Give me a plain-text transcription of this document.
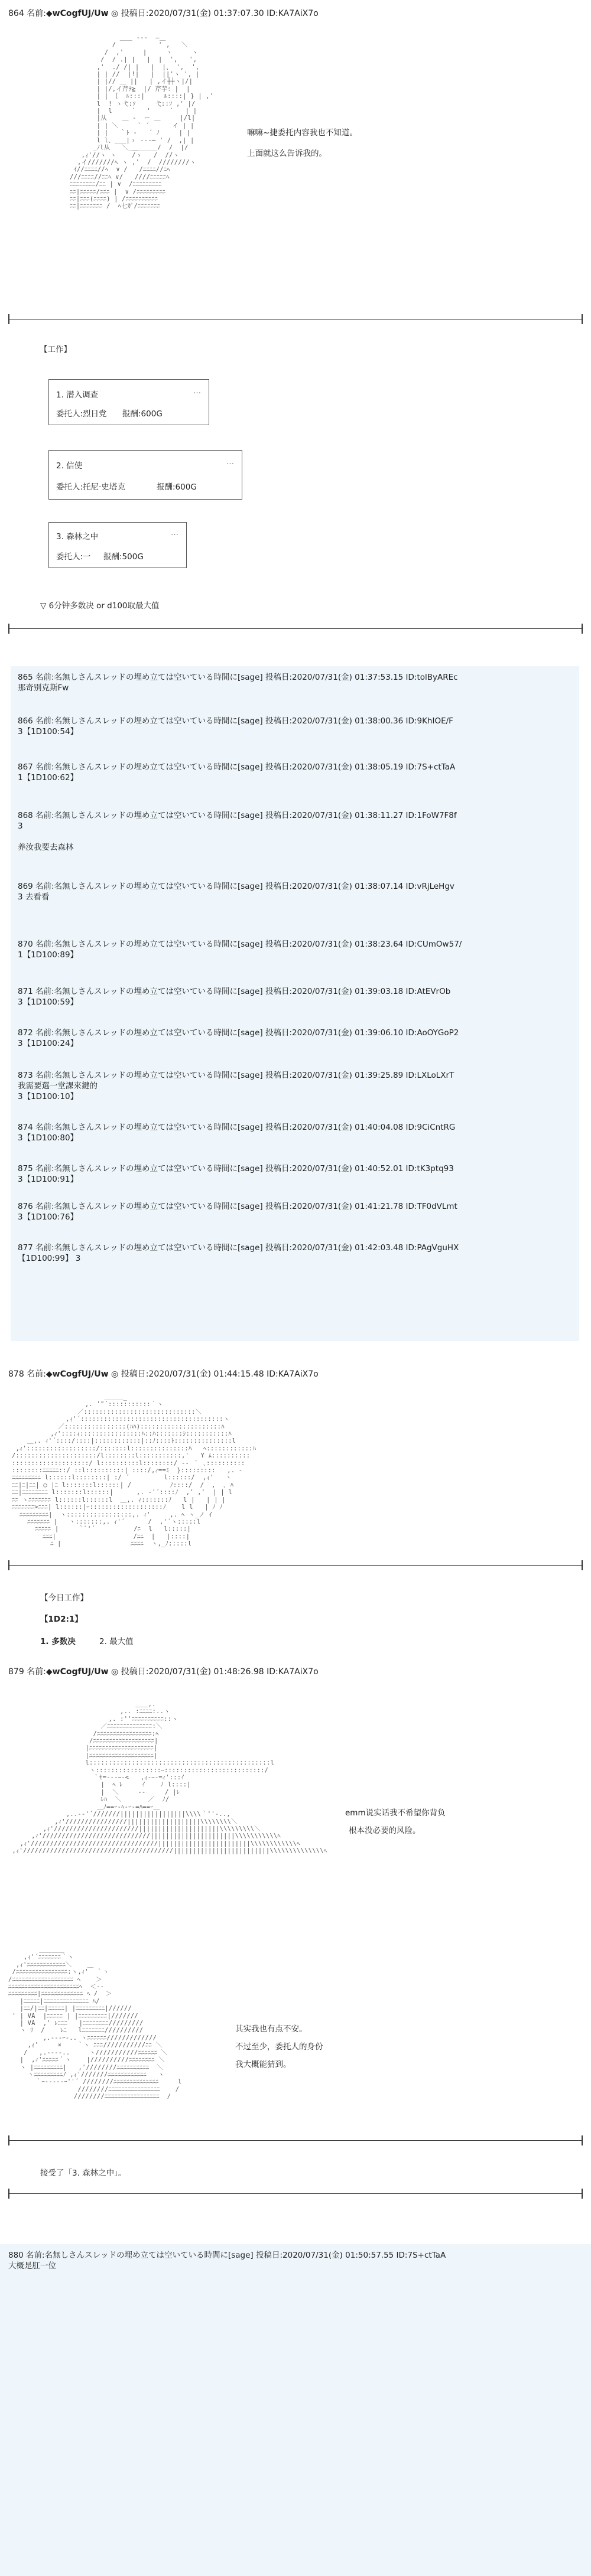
864 名前:◆wCogfUJ/Uw ◎ 投稿日:2020/07/31(金) 01:37:07.30 ID:KA7AiX7o
＿＿ ---  ―＿
/           ' ,   ＼
/  ,'     |     ヽ     ヽ
/  / .| |   |  |  ',   ',
,'  ./ /| |   |  |、 ',  ',
| | //  |!|   |  ||'ヽ ', |
| |// ＿ ||   | ,イ┼┼ヽ|/|
| |/,イ芹ﾃ≧  |/ 芹芋ﾐ |  |
| | ｛  ﾙ:::|     ﾙ::::| } | ,'
l  ! ヽ弋:ｿ     弋::ｿ ,' |/
|  l     ´   '     `   | |
|从    ＿ -  ー ＿     |/l|
| | ＼     ` ´      イ | |
| |   ｀ﾄ -   ´ ﾉ     | |
l l、___|ゝ ---─ ' /  ,| |
_ﾉl从   ＼_＿_____/  /  |/
,ｨ'//ヽ ヽ    /ゝ   /  //ヽ
,イ///////ﾍ ヽ ,'  /  ////////ヽ
ｲ//ﾆﾆﾆﾆ//ﾍ  ∨ /   /ﾆﾆﾆﾆ//ﾆﾍ
///ﾆﾆﾆﾆ//ﾆﾆﾍ ∨/   ////ﾆﾆﾆﾆﾆﾍ
ﾆﾆﾆﾆﾆﾆﾆﾆ/ﾆﾆ | ∨  /ﾆﾆﾆﾆﾆﾆﾆﾆﾆ
ﾆﾆ|ﾆﾆﾆﾆﾆ/ﾆﾆﾆ |  ∨ /ﾆﾆﾆﾆﾆﾆﾆﾆﾆ
ﾆﾆ|ﾆﾆﾆ(ﾆﾆﾆﾆ) | /ﾆﾆﾆﾆﾆﾆﾆﾆﾆﾆ
ﾆﾆ|ﾆﾆﾆﾆﾆﾆﾆ /  ﾍ七ｶﾞ/ﾆﾆﾆﾆﾆﾆﾆ
嘛嘛~捷委托内容我也不知道。
上面就这么告诉我的。
【工作】
1. 潜入调查	…
委托人:烈日党 报酬:600G
2. 信使	…
委托人:托尼·史塔克	报酬:600G
3. 森林之中	…
委托人:一 报酬:500G
▽ 6分钟多数决 or d100取最大值
865 名前:名無しさんスレッドの埋め立ては空いている時間に[sage] 投稿日:2020/07/31(金) 01:37:53.15 ID:tolByAREc
那奇别克斯Fw
866 名前:名無しさんスレッドの埋め立ては空いている時間に[sage] 投稿日:2020/07/31(金) 01:38:00.36 ID:9KhIOE/F
3【1D100:54】
867 名前:名無しさんスレッドの埋め立ては空いている時間に[sage] 投稿日:2020/07/31(金) 01:38:05.19 ID:7S+ctTaA
1【1D100:62】
868 名前:名無しさんスレッドの埋め立ては空いている時間に[sage] 投稿日:2020/07/31(金) 01:38:11.27 ID:1FoW7F8f
3
养汝我要去森林
869 名前:名無しさんスレッドの埋め立ては空いている時間に[sage] 投稿日:2020/07/31(金) 01:38:07.14 ID:vRjLeHgv
3 去看看
870 名前:名無しさんスレッドの埋め立ては空いている時間に[sage] 投稿日:2020/07/31(金) 01:38:23.64 ID:CUmOw57/
1【1D100:89】
871 名前:名無しさんスレッドの埋め立ては空いている時間に[sage] 投稿日:2020/07/31(金) 01:39:03.18 ID:AtEVrOb
3【1D100:59】
872 名前:名無しさんスレッドの埋め立ては空いている時間に[sage] 投稿日:2020/07/31(金) 01:39:06.10 ID:AoOYGoP2
3【1D100:24】
873 名前:名無しさんスレッドの埋め立ては空いている時間に[sage] 投稿日:2020/07/31(金) 01:39:25.89 ID:LXLoLXrT
我需要選一堂課來鍵的
3【1D100:10】
874 名前:名無しさんスレッドの埋め立ては空いている時間に[sage] 投稿日:2020/07/31(金) 01:40:04.08 ID:9CiCntRG
3【1D100:80】
875 名前:名無しさんスレッドの埋め立ては空いている時間に[sage] 投稿日:2020/07/31(金) 01:40:52.01 ID:tK3ptq93
3【1D100:91】
876 名前:名無しさんスレッドの埋め立ては空いている時間に[sage] 投稿日:2020/07/31(金) 01:41:21.78 ID:TF0dVLmt
3【1D100:76】
877 名前:名無しさんスレッドの埋め立ては空いている時間に[sage] 投稿日:2020/07/31(金) 01:42:03.48 ID:PAgVguHX
【1D100:99】 3
878 名前:◆wCogfUJ/Uw ◎ 投稿日:2020/07/31(金) 01:44:15.48 ID:KA7AiX7o
＿＿＿_
,. '"´:::::::::::｀ヽ
／:::::::::::::::::::::::::::::＼
,ｨ'´:::::::::::::::::::::::::::::::::::::ヽ
／::::::::::::::::(ﾊﾊ):::::::::::::::::::::ﾊ
,ｨ'::::ｨ::::::::::::::::ﾊ::ﾊ:::::::ｼ:::::::::::ﾊ
＿,. ｨ'´::::/::::|::::::::::::|::ﾉ::::ﾄ:::::::::::::::l
,ｨ'::::::::::::::::::/:::::::l:::::::::::::::ﾊ   ﾍ::::::::::::ﾊ
/:::::::::::::::::::::/l::::::::l:::::::::::,'   Y ﾑ::::::::::
::::::::::::::::::::/ l::::::::::l::::::::/ ‐- ｀ ､::::::::::
::::::::ﾆﾆﾆﾆﾆ::/ ::l::::::::::| ::::/,ｨ==ﾐ  }:::::::::   ,. -
ﾆﾆﾆﾆﾆﾆﾆﾆﾆ l::::::l::::::::| :/ ´         l::::::/  ,ｨ'   ヽ
ﾆﾆ|ﾆ|ﾆﾆ| ○ |ﾆ l:::::::l::::::| /          ﾉ::::/  /  ,  ､ ﾊ
ﾆﾆ|ﾆﾆﾆﾆﾆﾆﾆﾆ l:::::::l::::::|      ,. ‐'´::::ﾉ  ,' ,'  | | l
ﾆﾆ ヽﾆﾆﾆﾆﾆﾆﾆ l::::::l::::::l  ＿,. ｨ:::::::ﾉ   l |   | | |
ﾆﾆﾆﾆﾆﾆﾆ>ﾆﾆﾆ| l::::::|ｰ:::::::::::::::::::ﾉ    l l   | ﾉ ﾉ
ﾆﾆﾆﾆﾆﾆﾆﾆﾆ|  ヽ:::::::::::::::::,. ｨ'     ,. ﾍ ヽ_ノ ｲ
ﾆﾆﾆﾆﾆﾆﾆ |   ヽ:::::::,. ｨ'´      /  ,'´ヽ:::::l
ﾆﾆﾆﾆﾆ |     ｀ﾞ'´          /ﾆ  l   l:::::|
ﾆﾆﾆ|                    /ﾆﾆ  |   |::::|
ﾆ |                  ﾆﾆﾆﾆ  ヽ,_ﾉ:::::l
【今日工作】
【1D2:1】
1. 多数决	2. 最大值
879 名前:◆wCogfUJ/Uw ◎ 投稿日:2020/07/31(金) 01:48:26.98 ID:KA7AiX7o
＿＿,.
,.. :ﾆﾆﾆﾆ:..ヽ
,. :''ﾆﾆﾆﾆﾆﾆﾆﾆﾆﾆ::ヽ
／ﾆﾆﾆﾆﾆﾆﾆﾆﾆﾆﾆﾆﾆﾆ:＼
/ﾆﾆﾆﾆﾆﾆﾆﾆﾆﾆﾆﾆﾆﾆﾆﾆﾆ:ﾍ
/ﾆﾆﾆﾆﾆﾆﾆﾆﾆﾆﾆﾆﾆﾆﾆﾆﾆﾆﾆ|
|ﾆﾆﾆﾆﾆﾆﾆﾆﾆﾆﾆﾆﾆﾆﾆﾆﾆﾆﾆﾆ|
|ﾆﾆﾆﾆﾆﾆﾆﾆﾆﾆﾆﾆﾆﾆﾆﾆﾆﾆﾆﾆ|
l:::::::::::::::::::::::::::::::::::::::::::::::l
ヽ:::::::::::::::::ｰ::::::::::::::::::::::::::/
｀ﾔ=-‐‐ｰ-<   ,ｨ‐ｰ-=ｨ':::ｲ
|  ﾍ ﾚ     ｲ    ﾉ l::::|
|  ＼     -‐     / |ﾚ
ﾚﾊ  ＼       ／  ﾉ/
＿ﾉ==ｰ-ﾍ-ｰ-=ﾊ==ｰ＿
,..-‐'´///////|||||||||||||||||\\\\｀''‐..,
,ｨ'////////////////|||||||||||||||||||\\\\\\\\＼
,ｨ'//////////////////////|||||||||||||||||||||\\\\\\\\\＼
,ｨ'////////////////////////////||||||||||||||||||||||\\\\\\\\\\\ﾍ
,ｨ'/////////////////////////////////||||||||||||||||||||||||\\\\\\\\\\\\ﾍ
,ｨ'///////////////////////////////////////|||||||||||||||||||||||||\\\\\\\\\\\\\\ﾍ
emm说实话我不希望你背负
根本没必要的风险。
＿＿＿＿
,ｨ'´ﾆﾆﾆﾆﾆﾆﾆ｀ヽ
,ｨ'ﾆﾆﾆﾆﾆﾆﾆﾆﾆﾆﾆﾆ＼    ＿
/ﾆﾆﾆﾆﾆﾆﾆﾆﾆﾆﾆﾆﾆﾆﾆﾆ:ヽ,ｨ'  ｀ヽ
/ﾆﾆﾆﾆﾆﾆﾆﾆﾆﾆﾆﾆﾆﾆﾆﾆﾆﾆﾆ ﾍ    ＞
ﾆﾆﾆﾆﾆﾆﾆﾆﾆﾆﾆﾆﾆﾆﾆﾆﾆﾆﾆﾆﾆﾆﾍ  ＜-‐
ﾆﾆﾆﾆﾆﾆﾆﾆﾆ|ﾆﾆﾆﾆﾆﾆﾆﾆﾆﾆﾆﾆﾆ ﾍ /  ＞
|ﾆﾆﾆﾆﾆ|ﾆﾆﾆﾆﾆﾆﾆﾆﾆﾆﾆﾆﾆﾆ ﾊ/
|ﾆﾆ/|ﾆﾆ|ﾆﾆﾆﾆﾆ| |ﾆﾆﾆﾆﾆﾆﾆﾆﾆ|//////
' | VA  |ﾆﾆﾆﾆﾆ | |ﾆﾆﾆﾆﾆﾆﾆﾆﾆ|///////
| VA  ,' ﾚﾆﾆﾆ   |ﾆﾆﾆﾆﾆﾆﾆﾆ/////////
ヽ ﾘ  /    ﾚﾆ   lﾆﾆﾆﾆﾆﾆﾆ//////////
,.-‐‐ｰ-.. ヽﾆﾆﾆﾆﾆﾆ/////////////
,ｨ'     ×    ｀ヽ ﾆﾆﾆ///////////ﾆﾆ ＼
/   ,.-‐‐-..     ヽ///////////ﾆﾆﾆﾆﾆﾆ ＼
|  ,ｨ'ﾆﾆﾆﾆﾆ｀ヽ    |//////////ﾆﾆﾆﾆﾆﾆﾆﾆ ＼
ヽ |ﾆﾆﾆﾆﾆﾆﾆﾆﾆ|   ,'////////ﾆﾆﾆﾆﾆﾆﾆﾆﾆﾆ  ＼
ヽﾆﾆﾆﾆﾆﾆﾆﾆﾆﾉ ,ｨ'///////ﾆﾆﾆﾆﾆﾆﾆﾆﾆﾆﾆﾆ   ヽ
｀ｰ-‐‐‐‐ｰ''´ ////////ﾆﾆﾆﾆﾆﾆﾆﾆﾆﾆﾆﾆﾆﾆ     l
////////ﾆﾆﾆﾆﾆﾆﾆﾆﾆﾆﾆﾆﾆﾆﾆﾆ    /
////////ﾆﾆﾆﾆﾆﾆﾆﾆﾆﾆﾆﾆﾆﾆﾆﾆﾆ  /
其实我也有点不安。
不过至少，委托人的身份
我大概能猜到。
接受了「3. 森林之中」。
880 名前:名無しさんスレッドの埋め立ては空いている時間に[sage] 投稿日:2020/07/31(金) 01:50:57.55 ID:7S+ctTaA
大概是肛一位
